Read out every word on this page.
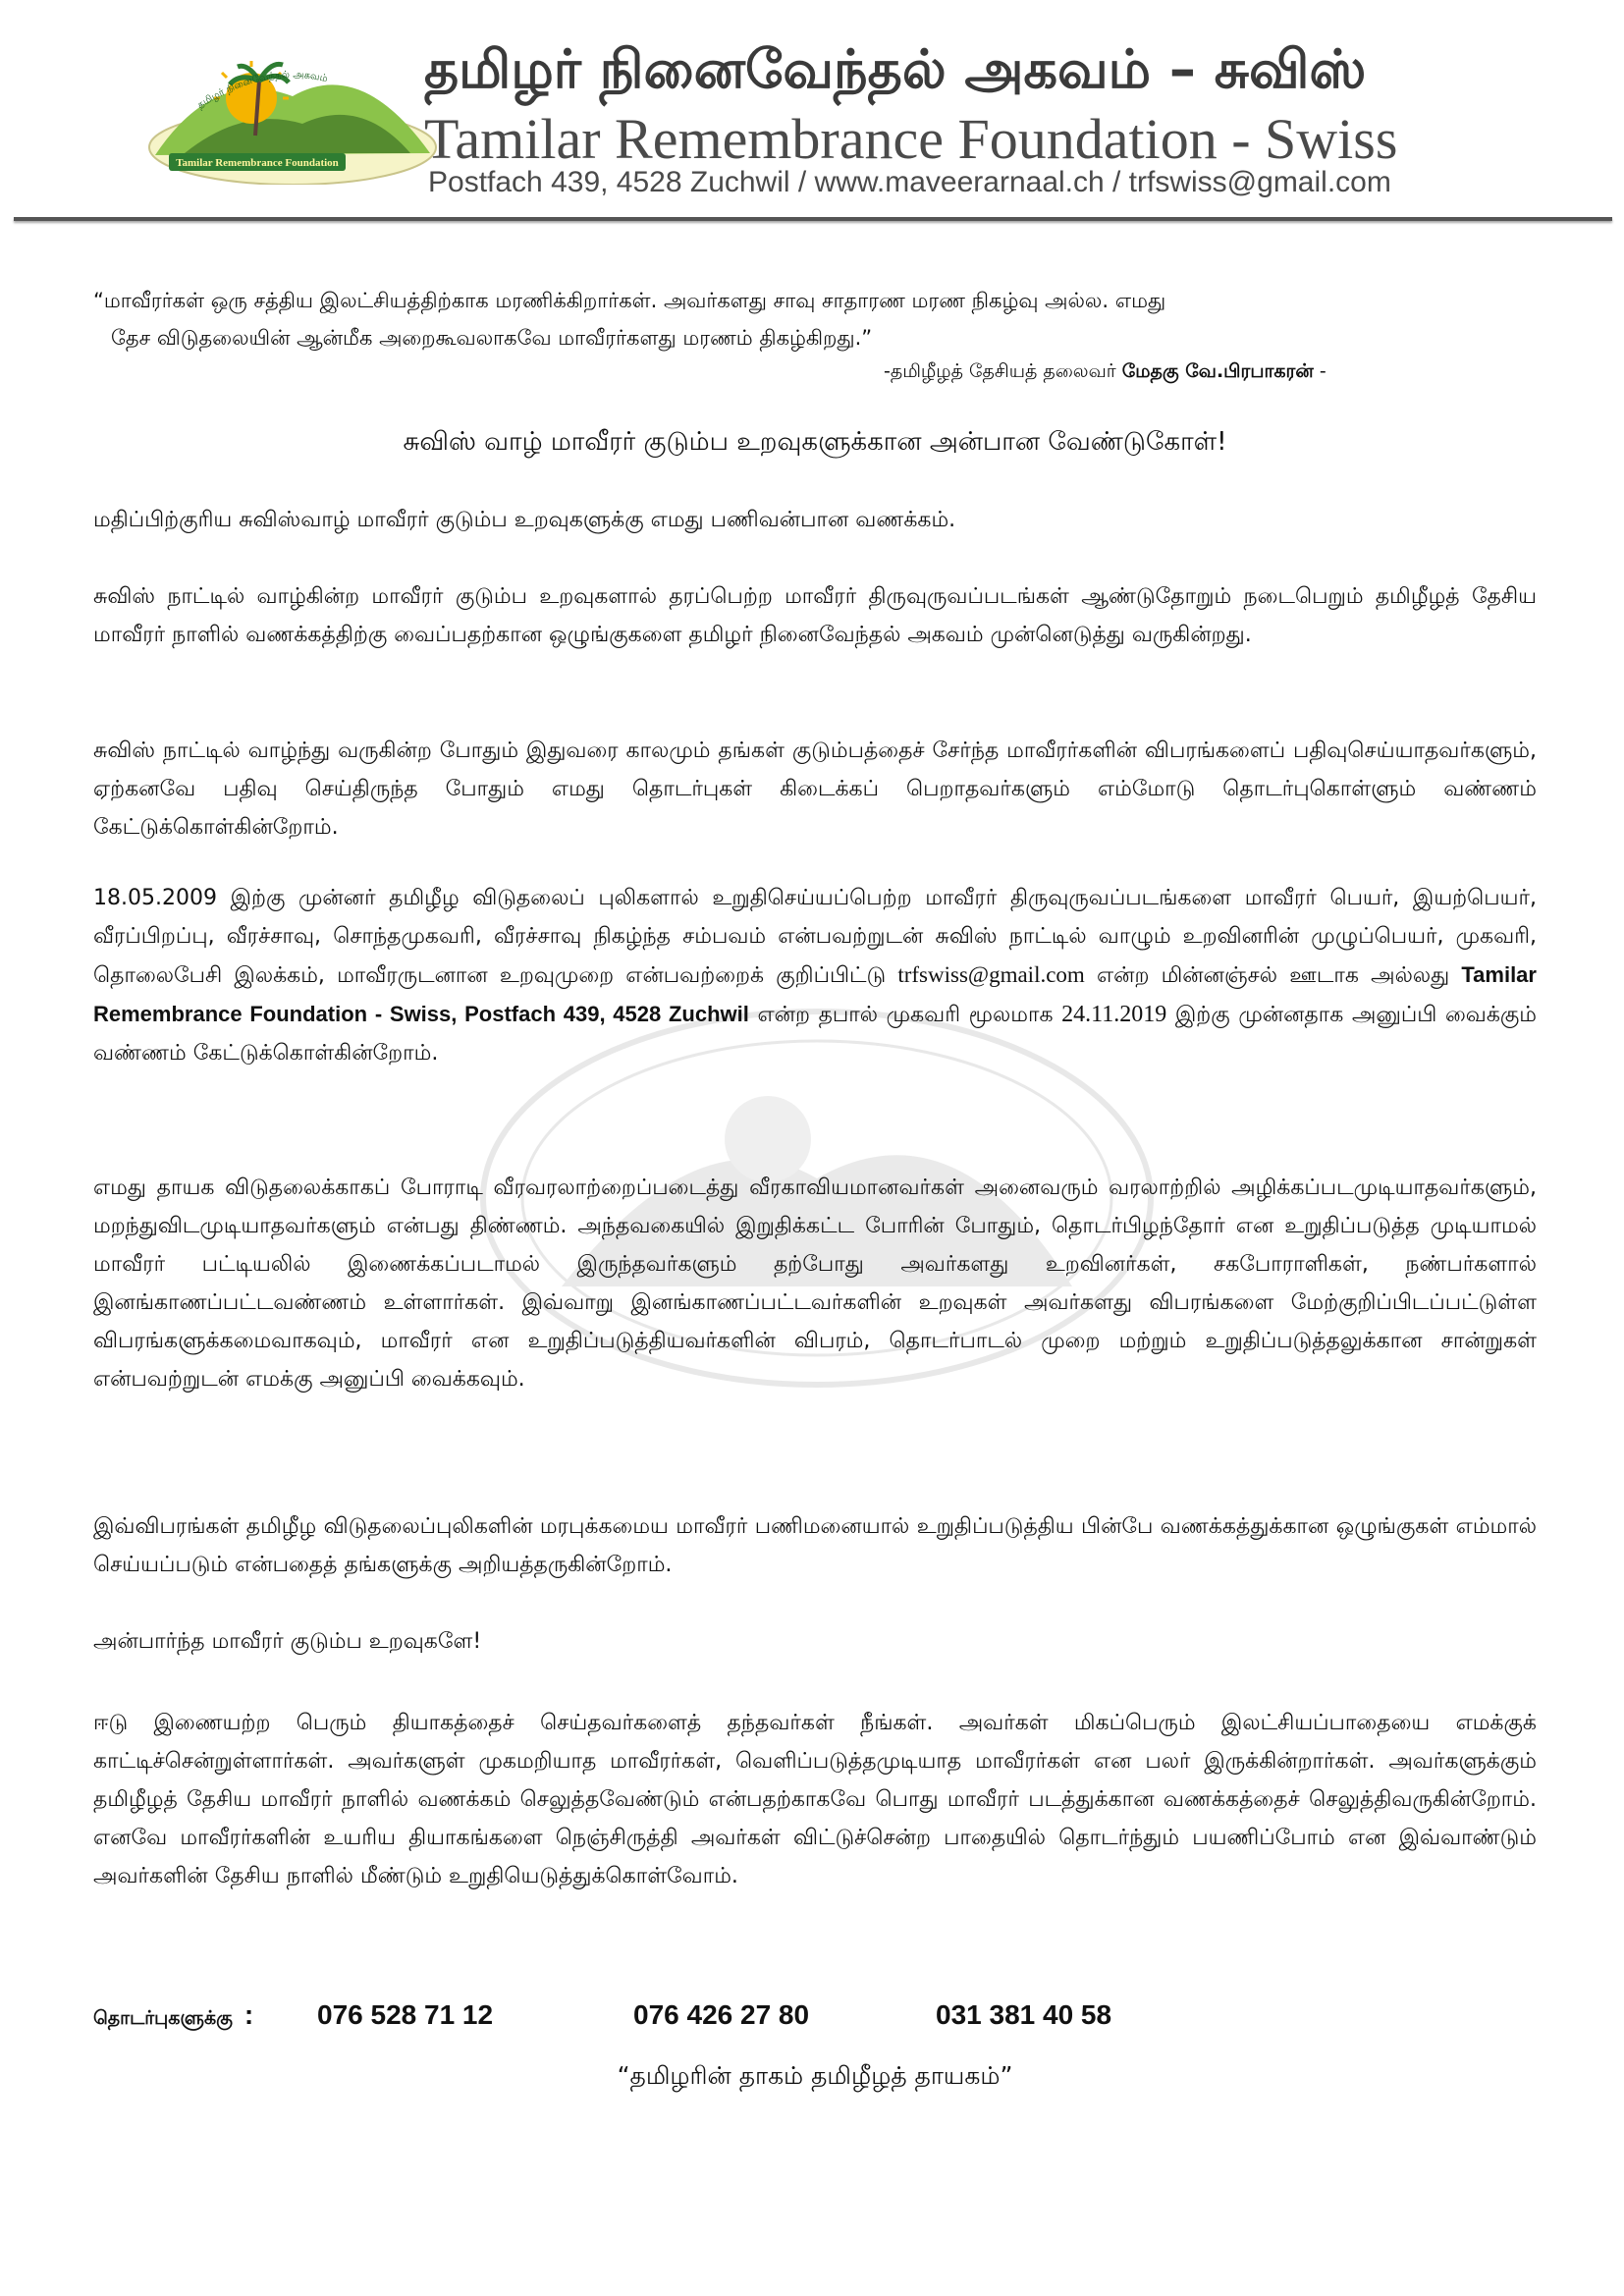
தமிழர் நினைவேந்தல் அகவம்
Tamilar Remembrance Foundation
தமிழர் நினைவேந்தல் அகவம் – சுவிஸ்
Tamilar Remembrance Foundation - Swiss
Postfach 439, 4528 Zuchwil / www.maveerarnaal.ch / trfswiss@gmail.com
“மாவீரர்கள் ஒரு சத்திய இலட்சியத்திற்காக மரணிக்கிறார்கள். அவர்களது சாவு சாதாரண மரண நிகழ்வு அல்ல. எமது
தேச விடுதலையின் ஆன்மீக அறைகூவலாகவே மாவீரர்களது மரணம் திகழ்கிறது.”
-தமிழீழத் தேசியத் தலைவர் மேதகு வே.பிரபாகரன் -
சுவிஸ் வாழ் மாவீரர் குடும்ப உறவுகளுக்கான அன்பான வேண்டுகோள்!
மதிப்பிற்குரிய சுவிஸ்வாழ் மாவீரர் குடும்ப உறவுகளுக்கு எமது பணிவன்பான வணக்கம்.
சுவிஸ் நாட்டில் வாழ்கின்ற மாவீரர் குடும்ப உறவுகளால் தரப்பெற்ற மாவீரர் திருவுருவப்படங்கள் ஆண்டுதோறும் நடைபெறும் தமிழீழத் தேசிய மாவீரர் நாளில் வணக்கத்திற்கு வைப்பதற்கான ஒழுங்குகளை தமிழர் நினைவேந்தல் அகவம் முன்னெடுத்து வருகின்றது.
சுவிஸ் நாட்டில் வாழ்ந்து வருகின்ற போதும் இதுவரை காலமும் தங்கள் குடும்பத்தைச் சேர்ந்த மாவீரர்களின் விபரங்களைப் பதிவுசெய்யாதவர்களும், ஏற்கனவே பதிவு செய்திருந்த போதும் எமது தொடர்புகள் கிடைக்கப் பெறாதவர்களும் எம்மோடு தொடர்புகொள்ளும் வண்ணம் கேட்டுக்கொள்கின்றோம்.
18.05.2009 இற்கு முன்னர் தமிழீழ விடுதலைப் புலிகளால் உறுதிசெய்யப்பெற்ற மாவீரர் திருவுருவப்படங்களை மாவீரர் பெயர், இயற்பெயர், வீரப்பிறப்பு, வீரச்சாவு, சொந்தமுகவரி, வீரச்சாவு நிகழ்ந்த சம்பவம் என்பவற்றுடன் சுவிஸ் நாட்டில் வாழும் உறவினரின் முழுப்பெயர், முகவரி, தொலைபேசி இலக்கம், மாவீரருடனான உறவுமுறை என்பவற்றைக் குறிப்பிட்டு trfswiss@gmail.com என்ற மின்னஞ்சல் ஊடாக அல்லது Tamilar Remembrance Foundation - Swiss, Postfach 439, 4528 Zuchwil என்ற தபால் முகவரி மூலமாக 24.11.2019 இற்கு முன்னதாக அனுப்பி வைக்கும் வண்ணம் கேட்டுக்கொள்கின்றோம்.
எமது தாயக விடுதலைக்காகப் போராடி வீரவரலாற்றைப்படைத்து வீரகாவியமானவர்கள் அனைவரும் வரலாற்றில் அழிக்கப்படமுடியாதவர்களும், மறந்துவிடமுடியாதவர்களும் என்பது திண்ணம். அந்தவகையில் இறுதிக்கட்ட போரின் போதும், தொடர்பிழந்தோர் என உறுதிப்படுத்த முடியாமல் மாவீரர் பட்டியலில் இணைக்கப்படாமல் இருந்தவர்களும் தற்போது அவர்களது உறவினர்கள், சகபோராளிகள், நண்பர்களால் இனங்காணப்பட்டவண்ணம் உள்ளார்கள். இவ்வாறு இனங்காணப்பட்டவர்களின் உறவுகள் அவர்களது விபரங்களை மேற்குறிப்பிடப்பட்டுள்ள விபரங்களுக்கமைவாகவும், மாவீரர் என உறுதிப்படுத்தியவர்களின் விபரம், தொடர்பாடல் முறை மற்றும் உறுதிப்படுத்தலுக்கான சான்றுகள் என்பவற்றுடன் எமக்கு அனுப்பி வைக்கவும்.
இவ்விபரங்கள் தமிழீழ விடுதலைப்புலிகளின் மரபுக்கமைய மாவீரர் பணிமனையால் உறுதிப்படுத்திய பின்பே வணக்கத்துக்கான ஒழுங்குகள் எம்மால் செய்யப்படும் என்பதைத் தங்களுக்கு அறியத்தருகின்றோம்.
அன்பார்ந்த மாவீரர் குடும்ப உறவுகளே!
ஈடு இணையற்ற பெரும் தியாகத்தைச் செய்தவர்களைத் தந்தவர்கள் நீங்கள். அவர்கள் மிகப்பெரும் இலட்சியப்பாதையை எமக்குக் காட்டிச்சென்றுள்ளார்கள். அவர்களுள் முகமறியாத மாவீரர்கள், வெளிப்படுத்தமுடியாத மாவீரர்கள் என பலர் இருக்கின்றார்கள். அவர்களுக்கும் தமிழீழத் தேசிய மாவீரர் நாளில் வணக்கம் செலுத்தவேண்டும் என்பதற்காகவே பொது மாவீரர் படத்துக்கான வணக்கத்தைச் செலுத்திவருகின்றோம். எனவே மாவீரர்களின் உயரிய தியாகங்களை நெஞ்சிருத்தி அவர்கள் விட்டுச்சென்ற பாதையில் தொடர்ந்தும் பயணிப்போம் என இவ்வாண்டும் அவர்களின் தேசிய நாளில் மீண்டும் உறுதியெடுத்துக்கொள்வோம்.
தொடர்புகளுக்கு :	076 528 71 12	076 426 27 80	031 381 40 58
“தமிழரின் தாகம் தமிழீழத் தாயகம்”
